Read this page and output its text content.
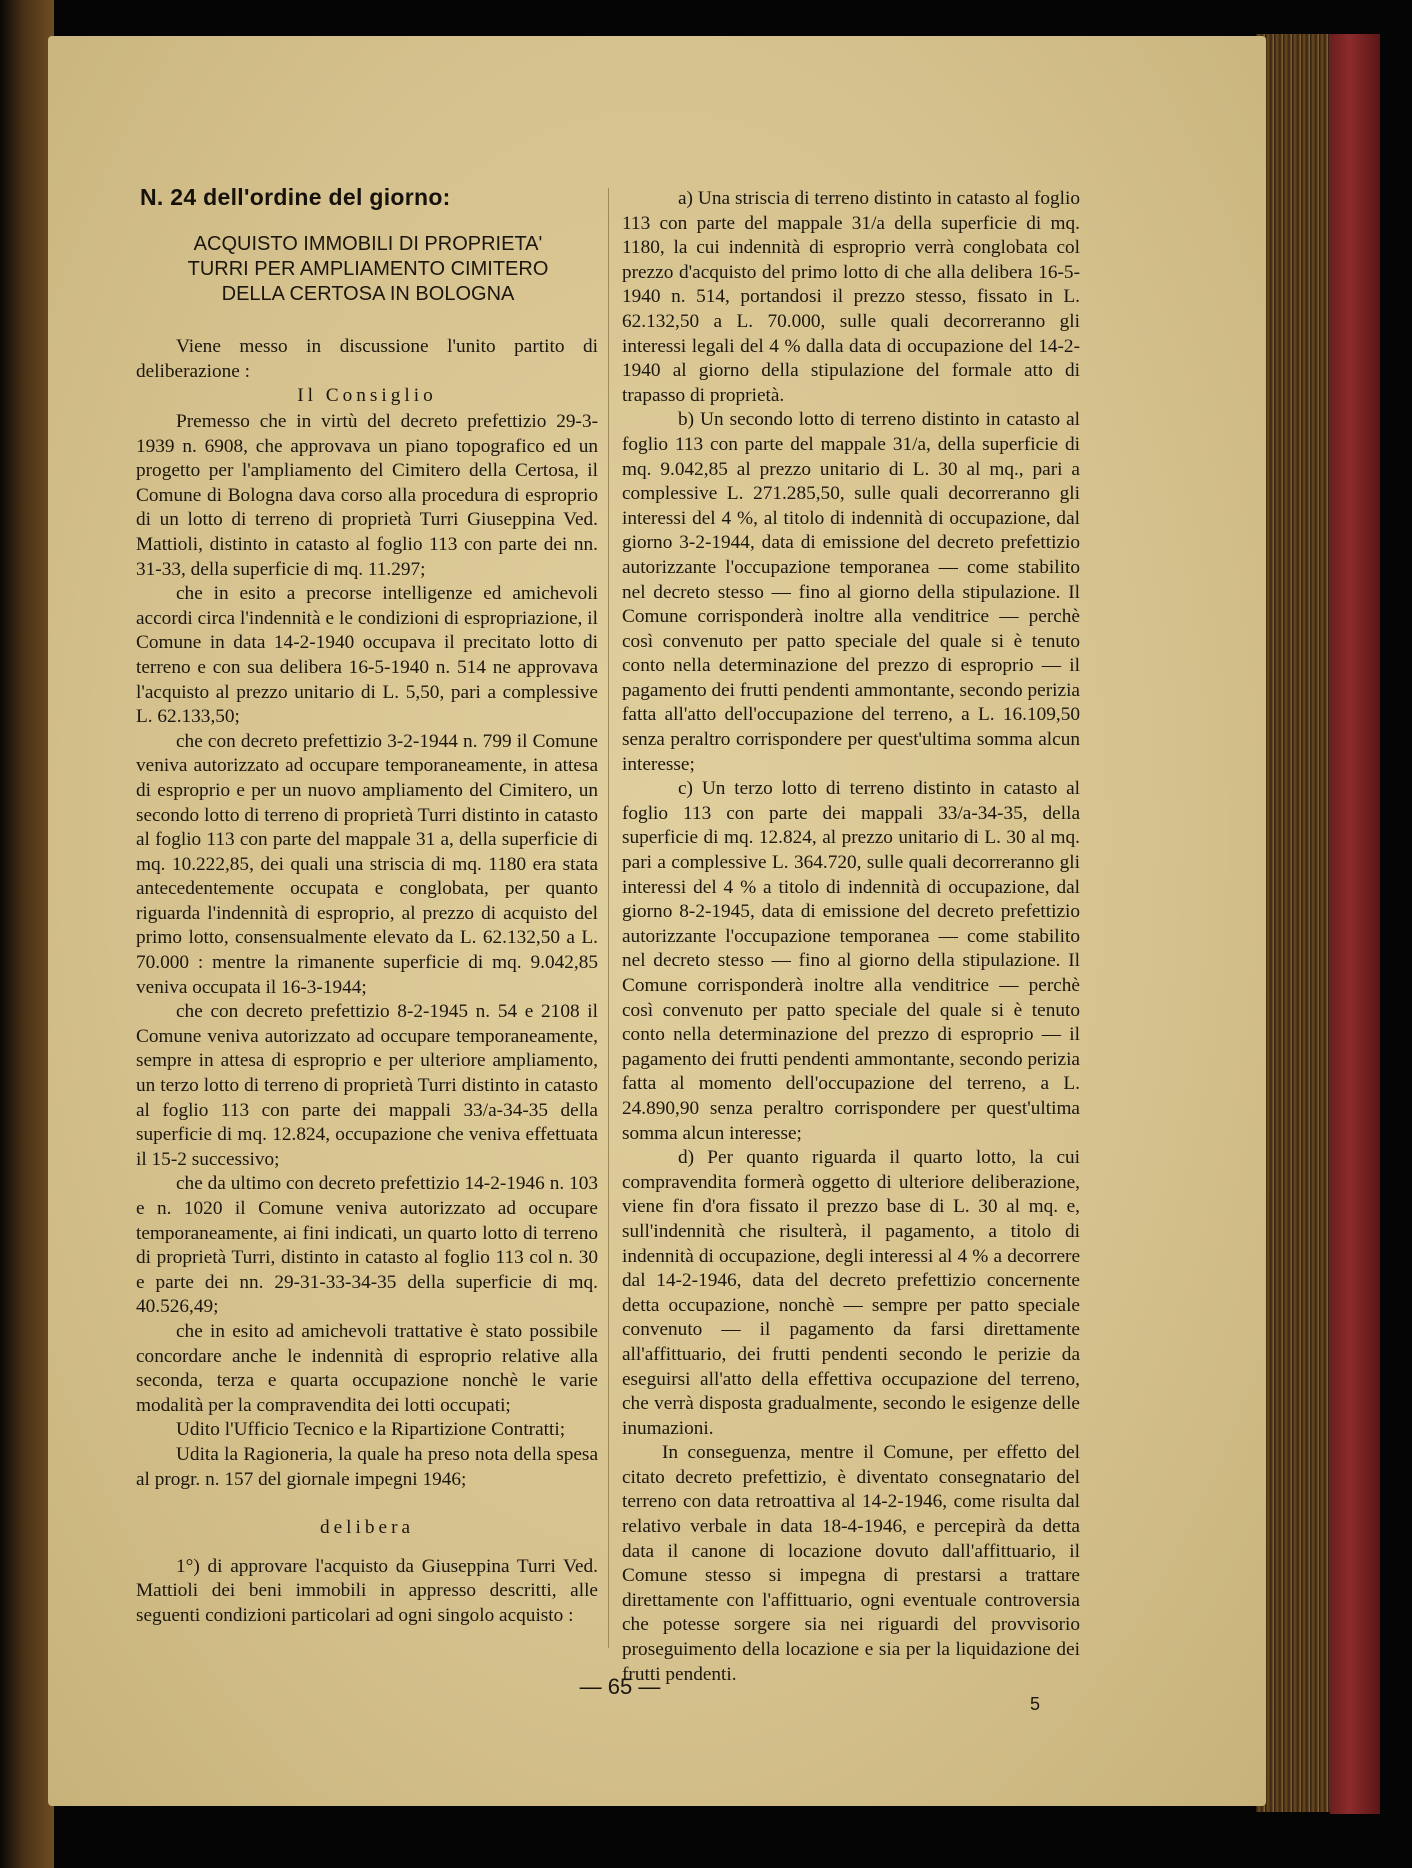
N. 24 dell'ordine del giorno:
ACQUISTO IMMOBILI DI PROPRIETA'
TURRI PER AMPLIAMENTO CIMITERO
DELLA CERTOSA IN BOLOGNA

Viene messo in discussione l'unito partito di deliberazione :

Il Consiglio

Premesso che in virtù del decreto prefettizio 29-3-1939 n. 6908, che approvava un piano topografico ed un progetto per l'ampliamento del Cimitero della Certosa, il Comune di Bologna dava corso alla procedura di esproprio di un lotto di terreno di proprietà Turri Giuseppina Ved. Mattioli, distinto in catasto al foglio 113 con parte dei nn. 31-33, della superficie di mq. 11.297;

che in esito a precorse intelligenze ed amichevoli accordi circa l'indennità e le condizioni di espropriazione, il Comune in data 14-2-1940 occupava il precitato lotto di terreno e con sua delibera 16-5-1940 n. 514 ne approvava l'acquisto al prezzo unitario di L. 5,50, pari a complessive L. 62.133,50;

che con decreto prefettizio 3-2-1944 n. 799 il Comune veniva autorizzato ad occupare temporaneamente, in attesa di esproprio e per un nuovo ampliamento del Cimitero, un secondo lotto di terreno di proprietà Turri distinto in catasto al foglio 113 con parte del mappale 31 a, della superficie di mq. 10.222,85, dei quali una striscia di mq. 1180 era stata antecedentemente occupata e conglobata, per quanto riguarda l'indennità di esproprio, al prezzo di acquisto del primo lotto, consensualmente elevato da L. 62.132,50 a L. 70.000 : mentre la rimanente superficie di mq. 9.042,85 veniva occupata il 16-3-1944;

che con decreto prefettizio 8-2-1945 n. 54 e 2108 il Comune veniva autorizzato ad occupare temporaneamente, sempre in attesa di esproprio e per ulteriore ampliamento, un terzo lotto di terreno di proprietà Turri distinto in catasto al foglio 113 con parte dei mappali 33/a-34-35 della superficie di mq. 12.824, occupazione che veniva effettuata il 15-2 successivo;

che da ultimo con decreto prefettizio 14-2-1946 n. 103 e n. 1020 il Comune veniva autorizzato ad occupare temporaneamente, ai fini indicati, un quarto lotto di terreno di proprietà Turri, distinto in catasto al foglio 113 col n. 30 e parte dei nn. 29-31-33-34-35 della superficie di mq. 40.526,49;

che in esito ad amichevoli trattative è stato possibile concordare anche le indennità di esproprio relative alla seconda, terza e quarta occupazione nonchè le varie modalità per la compravendita dei lotti occupati;

Udito l'Ufficio Tecnico e la Ripartizione Contratti;

Udita la Ragioneria, la quale ha preso nota della spesa al progr. n. 157 del giornale impegni 1946;

delibera

1°) di approvare l'acquisto da Giuseppina Turri Ved. Mattioli dei beni immobili in appresso descritti, alle seguenti condizioni particolari ad ogni singolo acquisto :

a) Una striscia di terreno distinto in catasto al foglio 113 con parte del mappale 31/a della superficie di mq. 1180, la cui indennità di esproprio verrà conglobata col prezzo d'acquisto del primo lotto di che alla delibera 16-5-1940 n. 514, portandosi il prezzo stesso, fissato in L. 62.132,50 a L. 70.000, sulle quali decorreranno gli interessi legali del 4 % dalla data di occupazione del 14-2-1940 al giorno della stipulazione del formale atto di trapasso di proprietà.

b) Un secondo lotto di terreno distinto in catasto al foglio 113 con parte del mappale 31/a, della superficie di mq. 9.042,85 al prezzo unitario di L. 30 al mq., pari a complessive L. 271.285,50, sulle quali decorreranno gli interessi del 4 %, al titolo di indennità di occupazione, dal giorno 3-2-1944, data di emissione del decreto prefettizio autorizzante l'occupazione temporanea — come stabilito nel decreto stesso — fino al giorno della stipulazione. Il Comune corrisponderà inoltre alla venditrice — perchè così convenuto per patto speciale del quale si è tenuto conto nella determinazione del prezzo di esproprio — il pagamento dei frutti pendenti ammontante, secondo perizia fatta all'atto dell'occupazione del terreno, a L. 16.109,50 senza peraltro corrispondere per quest'ultima somma alcun interesse;

c) Un terzo lotto di terreno distinto in catasto al foglio 113 con parte dei mappali 33/a-34-35, della superficie di mq. 12.824, al prezzo unitario di L. 30 al mq. pari a complessive L. 364.720, sulle quali decorreranno gli interessi del 4 % a titolo di indennità di occupazione, dal giorno 8-2-1945, data di emissione del decreto prefettizio autorizzante l'occupazione temporanea — come stabilito nel decreto stesso — fino al giorno della stipulazione. Il Comune corrisponderà inoltre alla venditrice — perchè così convenuto per patto speciale del quale si è tenuto conto nella determinazione del prezzo di esproprio — il pagamento dei frutti pendenti ammontante, secondo perizia fatta al momento dell'occupazione del terreno, a L. 24.890,90 senza peraltro corrispondere per quest'ultima somma alcun interesse;

d) Per quanto riguarda il quarto lotto, la cui compravendita formerà oggetto di ulteriore deliberazione, viene fin d'ora fissato il prezzo base di L. 30 al mq. e, sull'indennità che risulterà, il pagamento, a titolo di indennità di occupazione, degli interessi al 4 % a decorrere dal 14-2-1946, data del decreto prefettizio concernente detta occupazione, nonchè — sempre per patto speciale convenuto — il pagamento da farsi direttamente all'affittuario, dei frutti pendenti secondo le perizie da eseguirsi all'atto della effettiva occupazione del terreno, che verrà disposta gradualmente, secondo le esigenze delle inumazioni.

In conseguenza, mentre il Comune, per effetto del citato decreto prefettizio, è diventato consegnatario del terreno con data retroattiva al 14-2-1946, come risulta dal relativo verbale in data 18-4-1946, e percepirà da detta data il canone di locazione dovuto dall'affittuario, il Comune stesso si impegna di prestarsi a trattare direttamente con l'affittuario, ogni eventuale controversia che potesse sorgere sia nei riguardi del provvisorio proseguimento della locazione e sia per la liquidazione dei frutti pendenti.

— 65 —
5
